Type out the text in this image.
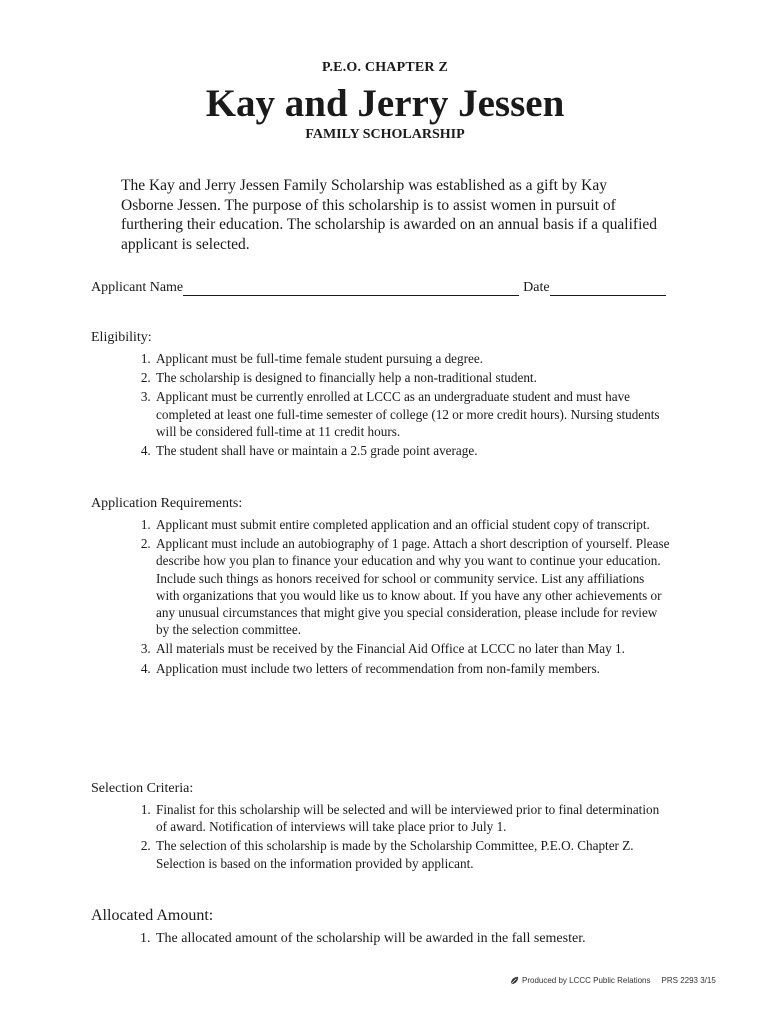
P.E.O. CHAPTER Z
Kay and Jerry Jessen
FAMILY SCHOLARSHIP

The Kay and Jerry Jessen Family Scholarship was established as a gift by Kay Osborne Jessen. The purpose of this scholarship is to assist women in pursuit of furthering their education. The scholarship is awarded on an annual basis if a qualified applicant is selected.

Applicant Name	Date
Eligibility:
1. Applicant must be full-time female student pursuing a degree.
2. The scholarship is designed to financially help a non-traditional student.
3. Applicant must be currently enrolled at LCCC as an undergraduate student and must have completed at least one full-time semester of college (12 or more credit hours). Nursing students will be considered full-time at 11 credit hours.
4. The student shall have or maintain a 2.5 grade point average.
Application Requirements:
1. Applicant must submit entire completed application and an official student copy of transcript.
2. Applicant must include an autobiography of 1 page. Attach a short description of yourself. Please describe how you plan to finance your education and why you want to continue your education. Include such things as honors received for school or community service. List any affiliations with organizations that you would like us to know about. If you have any other achievements or any unusual circumstances that might give you special consideration, please include for review by the selection committee.
3. All materials must be received by the Financial Aid Office at LCCC no later than May 1.
4. Application must include two letters of recommendation from non-family members.
Selection Criteria:
1. Finalist for this scholarship will be selected and will be interviewed prior to final determination of award. Notification of interviews will take place prior to July 1.
2. The selection of this scholarship is made by the Scholarship Committee, P.E.O. Chapter Z. Selection is based on the information provided by applicant.
Allocated Amount:
1. The allocated amount of the scholarship will be awarded in the fall semester.
Produced by LCCC Public Relations PRS 2293 3/15
